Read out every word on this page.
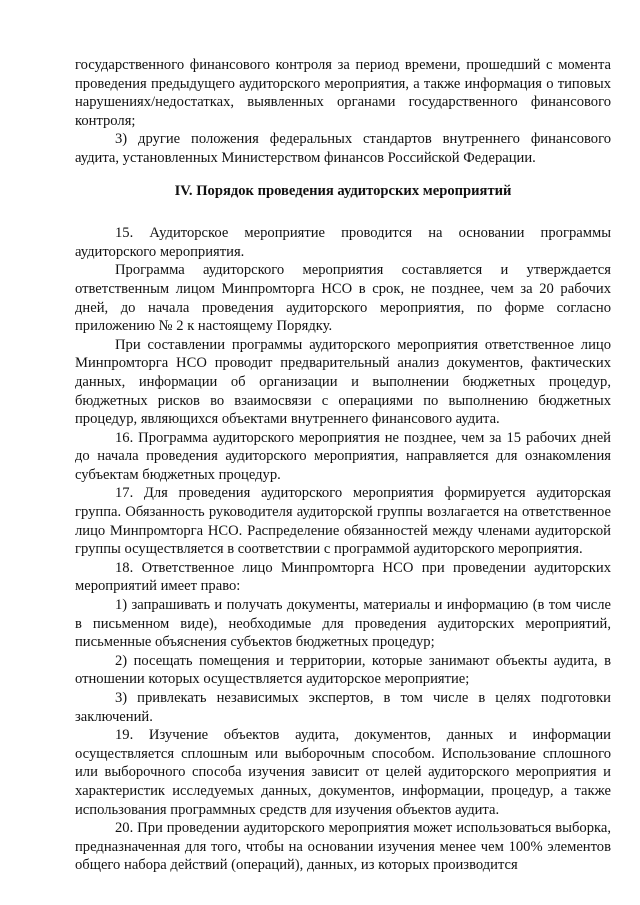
государственного финансового контроля за период времени, прошедший с момента проведения предыдущего аудиторского мероприятия, а также информация о типовых нарушениях/недостатках, выявленных органами государственного финансового контроля;

3) другие положения федеральных стандартов внутреннего финансового аудита, установленных Министерством финансов Российской Федерации.

IV. Порядок проведения аудиторских мероприятий

15. Аудиторское мероприятие проводится на основании программы аудиторского мероприятия.

Программа аудиторского мероприятия составляется и утверждается ответственным лицом Минпромторга НСО в срок, не позднее, чем за 20 рабочих дней, до начала проведения аудиторского мероприятия, по форме согласно приложению № 2 к настоящему Порядку.

При составлении программы аудиторского мероприятия ответственное лицо Минпромторга НСО проводит предварительный анализ документов, фактических данных, информации об организации и выполнении бюджетных процедур, бюджетных рисков во взаимосвязи с операциями по выполнению бюджетных процедур, являющихся объектами внутреннего финансового аудита.

16. Программа аудиторского мероприятия не позднее, чем за 15 рабочих дней до начала проведения аудиторского мероприятия, направляется для ознакомления субъектам бюджетных процедур.

17. Для проведения аудиторского мероприятия формируется аудиторская группа. Обязанность руководителя аудиторской группы возлагается на ответственное лицо Минпромторга НСО. Распределение обязанностей между членами аудиторской группы осуществляется в соответствии с программой аудиторского мероприятия.

18. Ответственное лицо Минпромторга НСО при проведении аудиторских мероприятий имеет право:

1) запрашивать и получать документы, материалы и информацию (в том числе в письменном виде), необходимые для проведения аудиторских мероприятий, письменные объяснения субъектов бюджетных процедур;

2) посещать помещения и территории, которые занимают объекты аудита, в отношении которых осуществляется аудиторское мероприятие;

3) привлекать независимых экспертов, в том числе в целях подготовки заключений.

19. Изучение объектов аудита, документов, данных и информации осуществляется сплошным или выборочным способом. Использование сплошного или выборочного способа изучения зависит от целей аудиторского мероприятия и характеристик исследуемых данных, документов, информации, процедур, а также использования программных средств для изучения объектов аудита.

20. При проведении аудиторского мероприятия может использоваться выборка, предназначенная для того, чтобы на основании изучения менее чем 100% элементов общего набора действий (операций), данных, из которых производится
